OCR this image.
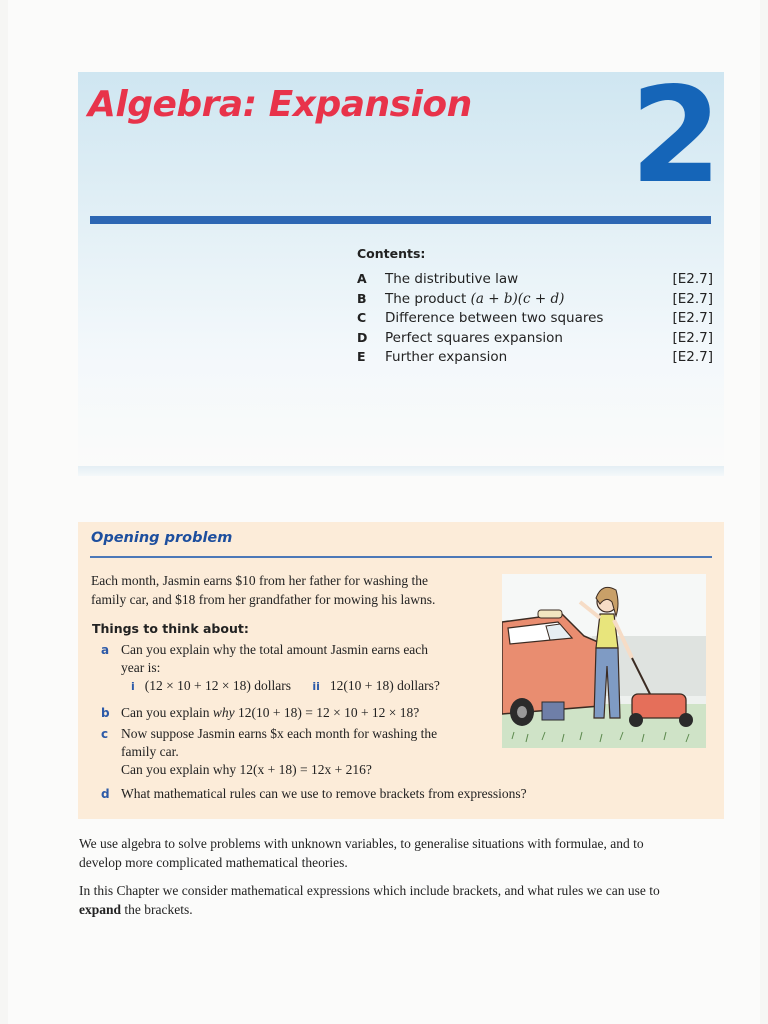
Algebra: Expansion 2
Contents:
A	The distributive law	[E2.7]
B	The product (a + b)(c + d)	[E2.7]
C	Difference between two squares	[E2.7]
D	Perfect squares expansion	[E2.7]
E	Further expansion	[E2.7]
Opening problem
Each month, Jasmin earns $10 from her father for washing the
family car, and $18 from her grandfather for mowing his lawns.
Things to think about:
a Can you explain why the total amount Jasmin earns each
year is:
i (12 × 10 + 12 × 18) dollars ii 12(10 + 18) dollars?
b Can you explain why 12(10 + 18) = 12 × 10 + 12 × 18?
c Now suppose Jasmin earns $x each month for washing the
family car.
Can you explain why 12(x + 18) = 12x + 216?
d What mathematical rules can we use to remove brackets from expressions?
We use algebra to solve problems with unknown variables, to generalise situations with formulae, and to
develop more complicated mathematical theories.
In this Chapter we consider mathematical expressions which include brackets, and what rules we can use to
expand the brackets.
